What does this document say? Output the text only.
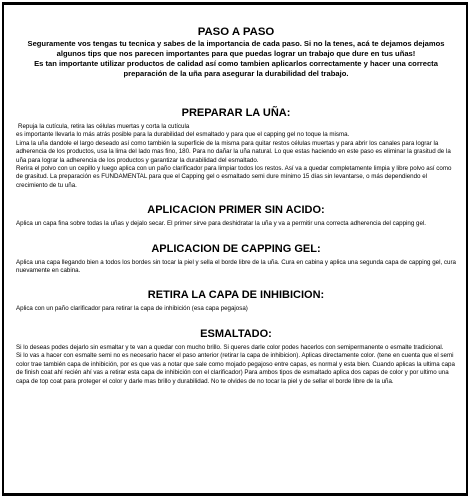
PASO A PASO

Seguramente vos tengas tu tecnica y sabes de la importancia de cada paso. Si no la tenes, acá te dejamos dejamos algunos tips que nos parecen importantes para que puedas lograr un trabajo que dure en tus uñas!

Es tan importante utilizar productos de calidad así como tambien aplicarlos correctamente y hacer una correcta preparación de la uña para asegurar la durabilidad del trabajo.

PREPARAR LA UÑA:

Repuja la cutícula, retira las células muertas y corta la cutícula

es importante llevarla lo más atrás posible para la durabilidad del esmaltado y para que el capping gel no toque la misma.

Lima la uña dandole el largo deseado así como también la superficie de la misma para quitar restos células muertas y para abrir los canales para lograr la adherencia de los productos, usa la lima del lado mas fino, 180. Para no dañar la uña natural. Lo que estas haciendo en este paso es eliminar la grasitud de la uña para lograr la adherencia de los productos y garantizar la durabilidad del esmaltado.

Rerira el polvo con un cepillo y luego aplica con un paño clarificador para limpiar todos los restos. Así va a quedar completamente limpia y libre polvo así como de grasitud. La preparación es FUNDAMENTAL para que el Capping gel o esmaltado semi dure mínimo 15 días sin levantarse, o más dependiendo el crecimiento de tu uña.

APLICACION PRIMER SIN ACIDO:

Aplica un capa fina sobre todas la uñas y dejalo secar. El primer sirve para deshidratar la uña y va a permitir una correcta adherencia del capping gel.

APLICACION DE CAPPING GEL:

Aplica una capa llegando bien a todos los bordes sin tocar la piel y sella el borde libre de la uña. Cura en cabina y aplica una segunda capa de capping gel, cura nuevamente en cabina.

RETIRA LA CAPA DE INHIBICION:

Aplica con un paño clarificador para retirar la capa de inhibición (esa capa pegajosa)

ESMALTADO:

Si lo deseas podes dejarlo sin esmaltar y te van a quedar con mucho brillo. Si queres darle color podes hacerlos con semipermanente o esmalte tradicional.

Si lo vas a hacer con esmalte semi no es necesario hacer el paso anterior (retirar la capa de inhibicion). Aplicas directamente color. (tene en cuenta que el semi color trae también capa de inhibición, por es que vas a notar que sale como mojado pegajoso entre capas, es normal y esta bien. Cuando aplicas la ultima capa de finish coat ahí recién ahí vas a retirar esta capa de inhibición con el clarificador) Para ambos tipos de esmaltado aplica dos capas de color y por ultimo una capa de top coat para proteger el color y darle mas brillo y durabilidad. No te olvides de no tocar la piel y de sellar el borde libre de la uña.
